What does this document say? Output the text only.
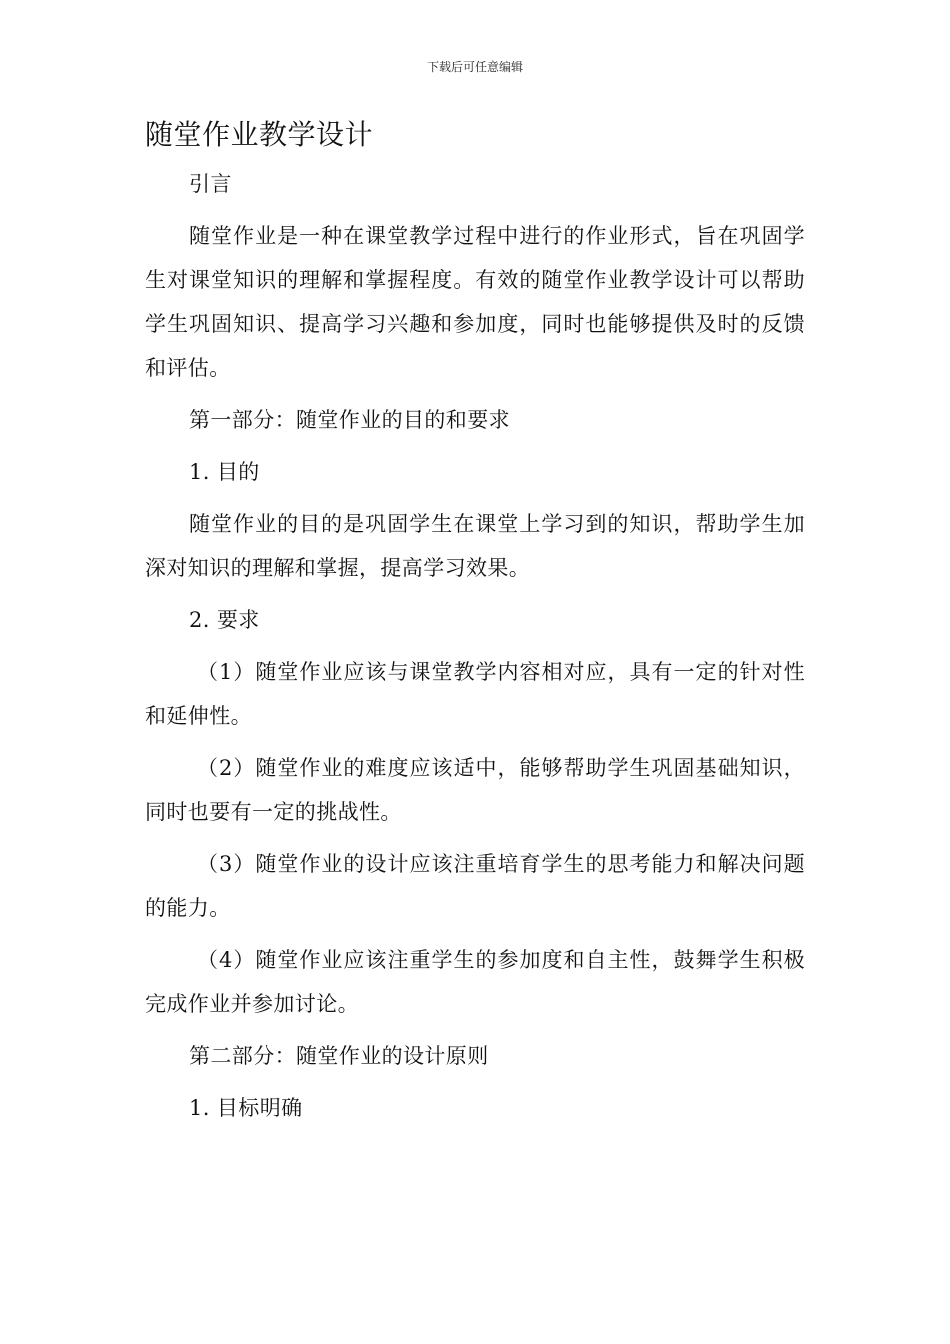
下载后可任意编辑
随堂作业教学设计

引言

随堂作业是一种在课堂教学过程中进行的作业形式，旨在巩固学生对课堂知识的理解和掌握程度。有效的随堂作业教学设计可以帮助学生巩固知识、提高学习兴趣和参加度，同时也能够提供及时的反馈和评估。

第一部分：随堂作业的目的和要求

1. 目的

随堂作业的目的是巩固学生在课堂上学习到的知识，帮助学生加深对知识的理解和掌握，提高学习效果。

2. 要求

（1）随堂作业应该与课堂教学内容相对应，具有一定的针对性和延伸性。

（2）随堂作业的难度应该适中，能够帮助学生巩固基础知识，同时也要有一定的挑战性。

（3）随堂作业的设计应该注重培育学生的思考能力和解决问题的能力。

（4）随堂作业应该注重学生的参加度和自主性，鼓舞学生积极完成作业并参加讨论。

第二部分：随堂作业的设计原则

1. 目标明确
